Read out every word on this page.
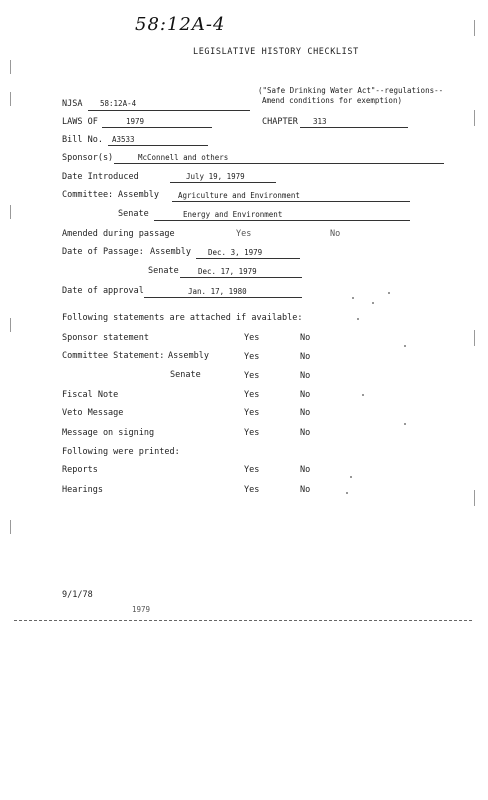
58:12A-4
LEGISLATIVE HISTORY CHECKLIST
("Safe Drinking Water Act"--regulations--
Amend conditions for exemption)
NJSA 58:12A-4
LAWS OF	1979	CHAPTER 313
Bill No. A3533
Sponsor(s)	McConnell and others
Date Introduced	July 19, 1979
Committee: Assembly	Agriculture and Environment
Senate	Energy and Environment
Amended during passage	Yes	No
Date of Passage: Assembly Dec. 3, 1979
Senate	Dec. 17, 1979
Date of approval	Jan. 17, 1980
Following statements are attached if available:
Sponsor statement	Yes	No
Committee Statement: Assembly	Yes	No
Senate	Yes	No
Fiscal Note	Yes	No
Veto Message	Yes	No
Message on signing	Yes	No
Following were printed:
Reports	Yes	No
Hearings	Yes	No
9/1/78
1979
